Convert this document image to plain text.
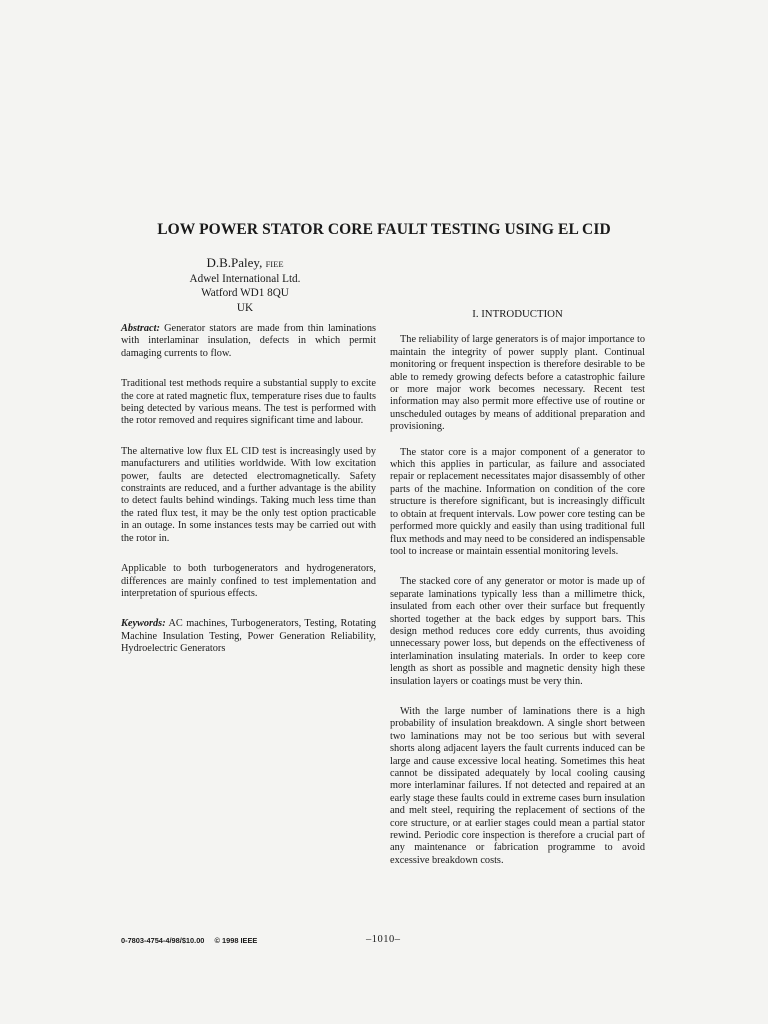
LOW POWER STATOR CORE FAULT TESTING USING EL CID
D.B.Paley, FIEE
Adwel International Ltd.
Watford WD1 8QU
UK

Abstract: Generator stators are made from thin laminations with interlaminar insulation, defects in which permit damaging currents to flow.

Traditional test methods require a substantial supply to excite the core at rated magnetic flux, temperature rises due to faults being detected by various means. The test is performed with the rotor removed and requires significant time and labour.

The alternative low flux EL CID test is increasingly used by manufacturers and utilities worldwide. With low excitation power, faults are detected electromagnetically. Safety constraints are reduced, and a further advantage is the ability to detect faults behind windings. Taking much less time than the rated flux test, it may be the only test option practicable in an outage. In some instances tests may be carried out with the rotor in.

Applicable to both turbogenerators and hydrogenerators, differences are mainly confined to test implementation and interpretation of spurious effects.

Keywords: AC machines, Turbogenerators, Testing, Rotating Machine Insulation Testing, Power Generation Reliability, Hydroelectric Generators

I. INTRODUCTION

The reliability of large generators is of major importance to maintain the integrity of power supply plant. Continual monitoring or frequent inspection is therefore desirable to be able to remedy growing defects before a catastrophic failure or more major work becomes necessary. Recent test information may also permit more effective use of routine or unscheduled outages by means of additional preparation and provisioning.

The stator core is a major component of a generator to which this applies in particular, as failure and associated repair or replacement necessitates major disassembly of other parts of the machine. Information on condition of the core structure is therefore significant, but is increasingly difficult to obtain at frequent intervals. Low power core testing can be performed more quickly and easily than using traditional full flux methods and may need to be considered an indispensable tool to increase or maintain essential monitoring levels.

The stacked core of any generator or motor is made up of separate laminations typically less than a millimetre thick, insulated from each other over their surface but frequently shorted together at the back edges by support bars. This design method reduces core eddy currents, thus avoiding unnecessary power loss, but depends on the effectiveness of interlamination insulating materials. In order to keep core length as short as possible and magnetic density high these insulation layers or coatings must be very thin.

With the large number of laminations there is a high probability of insulation breakdown. A single short between two laminations may not be too serious but with several shorts along adjacent layers the fault currents induced can be large and cause excessive local heating. Sometimes this heat cannot be dissipated adequately by local cooling causing more interlaminar failures. If not detected and repaired at an early stage these faults could in extreme cases burn insulation and melt steel, requiring the replacement of sections of the core structure, or at earlier stages could mean a partial stator rewind. Periodic core inspection is therefore a crucial part of any maintenance or fabrication programme to avoid excessive breakdown costs.

0-7803-4754-4/98/$10.00 © 1998 IEEE	–1010–
